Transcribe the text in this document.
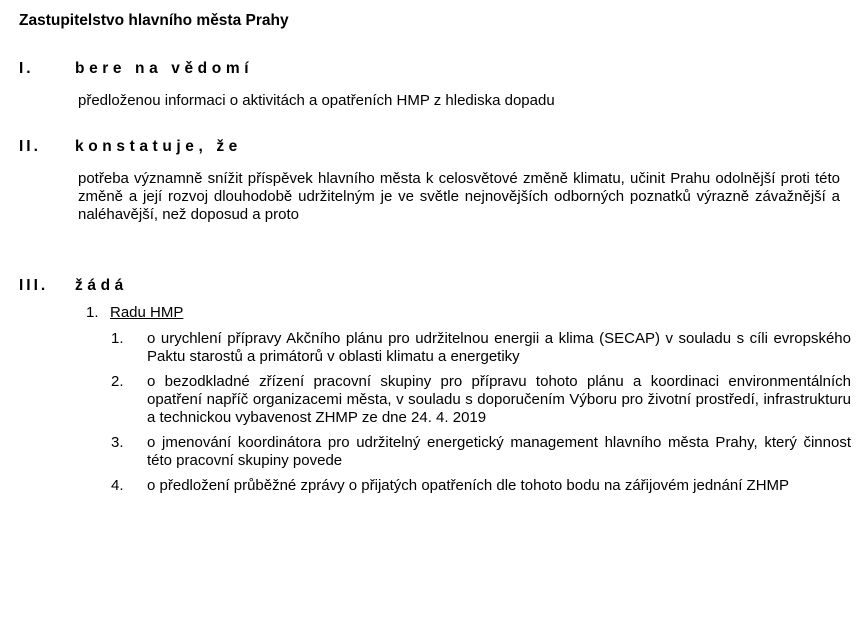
Zastupitelstvo hlavního města Prahy
I.	bere na vědomí
předloženou informaci o aktivitách a opatřeních HMP z hlediska dopadu
II. konstatuje, že
potřeba významně snížit příspěvek hlavního města k celosvětové změně klimatu, učinit Prahu odolnější proti této změně a její rozvoj dlouhodobě udržitelným je ve světle nejnovějších odborných poznatků výrazně závažnější a naléhavější, než doposud a proto
III. žádá
1. Radu HMP
1. o urychlení přípravy Akčního plánu pro udržitelnou energii a klima (SECAP) v souladu s cíli evropského Paktu starostů a primátorů v oblasti klimatu a energetiky
2. o bezodkladné zřízení pracovní skupiny pro přípravu tohoto plánu a koordinaci environmentálních opatření napříč organizacemi města, v souladu s doporučením Výboru pro životní prostředí, infrastrukturu a technickou vybavenost ZHMP ze dne 24. 4. 2019
3. o jmenování koordinátora pro udržitelný energetický management hlavního města Prahy, který činnost této pracovní skupiny povede
4. o předložení průběžné zprávy o přijatých opatřeních dle tohoto bodu na zářijovém jednání ZHMP
